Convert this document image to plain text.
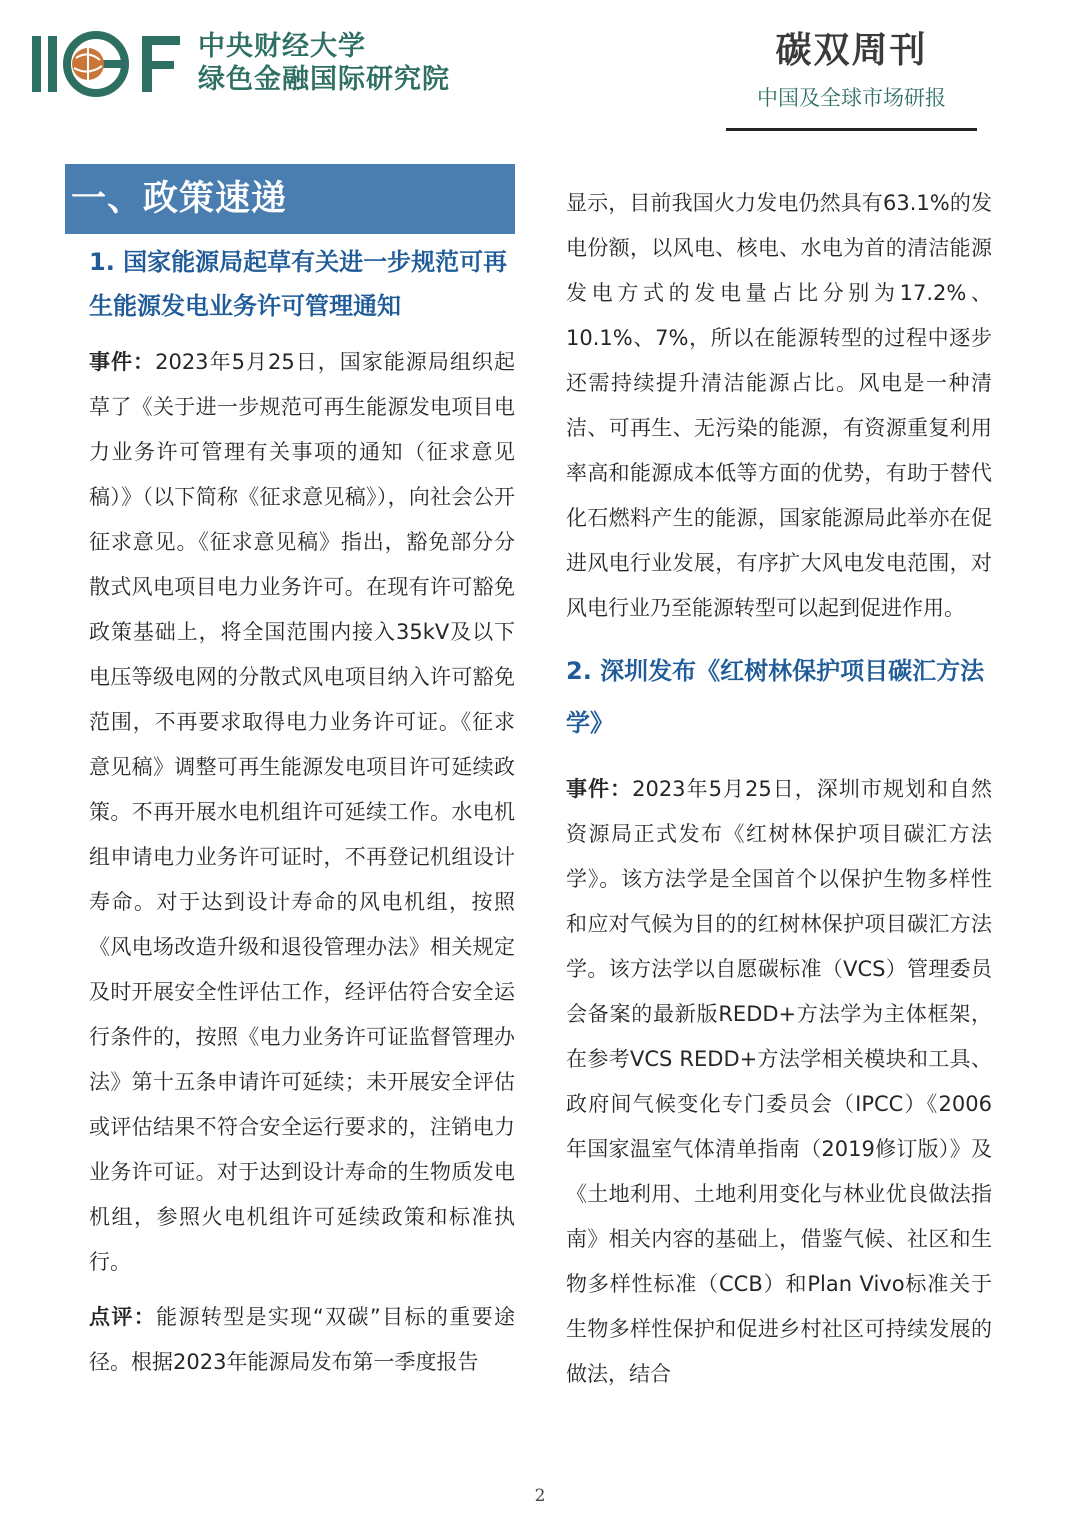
中央财经大学
绿色金融国际研究院
碳双周刊
中国及全球市场研报
一、政策速递
1. 国家能源局起草有关进一步规范可再生能源发电业务许可管理通知

事件：2023年5月25日，国家能源局组织起草了《关于进一步规范可再生能源发电项目电力业务许可管理有关事项的通知（征求意见稿）》（以下简称《征求意见稿》），向社会公开征求意见。《征求意见稿》指出，豁免部分分散式风电项目电力业务许可。在现有许可豁免政策基础上，将全国范围内接入35kV及以下电压等级电网的分散式风电项目纳入许可豁免范围，不再要求取得电力业务许可证。《征求意见稿》调整可再生能源发电项目许可延续政策。不再开展水电机组许可延续工作。水电机组申请电力业务许可证时，不再登记机组设计寿命。对于达到设计寿命的风电机组，按照《风电场改造升级和退役管理办法》相关规定及时开展安全性评估工作，经评估符合安全运行条件的，按照《电力业务许可证监督管理办法》第十五条申请许可延续；未开展安全评估或评估结果不符合安全运行要求的，注销电力业务许可证。对于达到设计寿命的生物质发电机组，参照火电机组许可延续政策和标准执行。

点评：能源转型是实现“双碳”目标的重要途径。根据2023年能源局发布第一季度报告

显示，目前我国火力发电仍然具有63.1%的发电份额，以风电、核电、水电为首的清洁能源发电方式的发电量占比分别为17.2%、10.1%、7%，所以在能源转型的过程中逐步还需持续提升清洁能源占比。风电是一种清洁、可再生、无污染的能源，有资源重复利用率高和能源成本低等方面的优势，有助于替代化石燃料产生的能源，国家能源局此举亦在促进风电行业发展，有序扩大风电发电范围，对风电行业乃至能源转型可以起到促进作用。

2. 深圳发布《红树林保护项目碳汇方法学》

事件：2023年5月25日，深圳市规划和自然资源局正式发布《红树林保护项目碳汇方法学》。该方法学是全国首个以保护生物多样性和应对气候为目的的红树林保护项目碳汇方法学。该方法学以自愿碳标准（VCS）管理委员会备案的最新版REDD+方法学为主体框架，在参考VCS REDD+方法学相关模块和工具、政府间气候变化专门委员会（IPCC）《2006年国家温室气体清单指南（2019修订版）》及《土地利用、土地利用变化与林业优良做法指南》相关内容的基础上，借鉴气候、社区和生物多样性标准（CCB）和Plan Vivo标准关于生物多样性保护和促进乡村社区可持续发展的做法，结合

2
